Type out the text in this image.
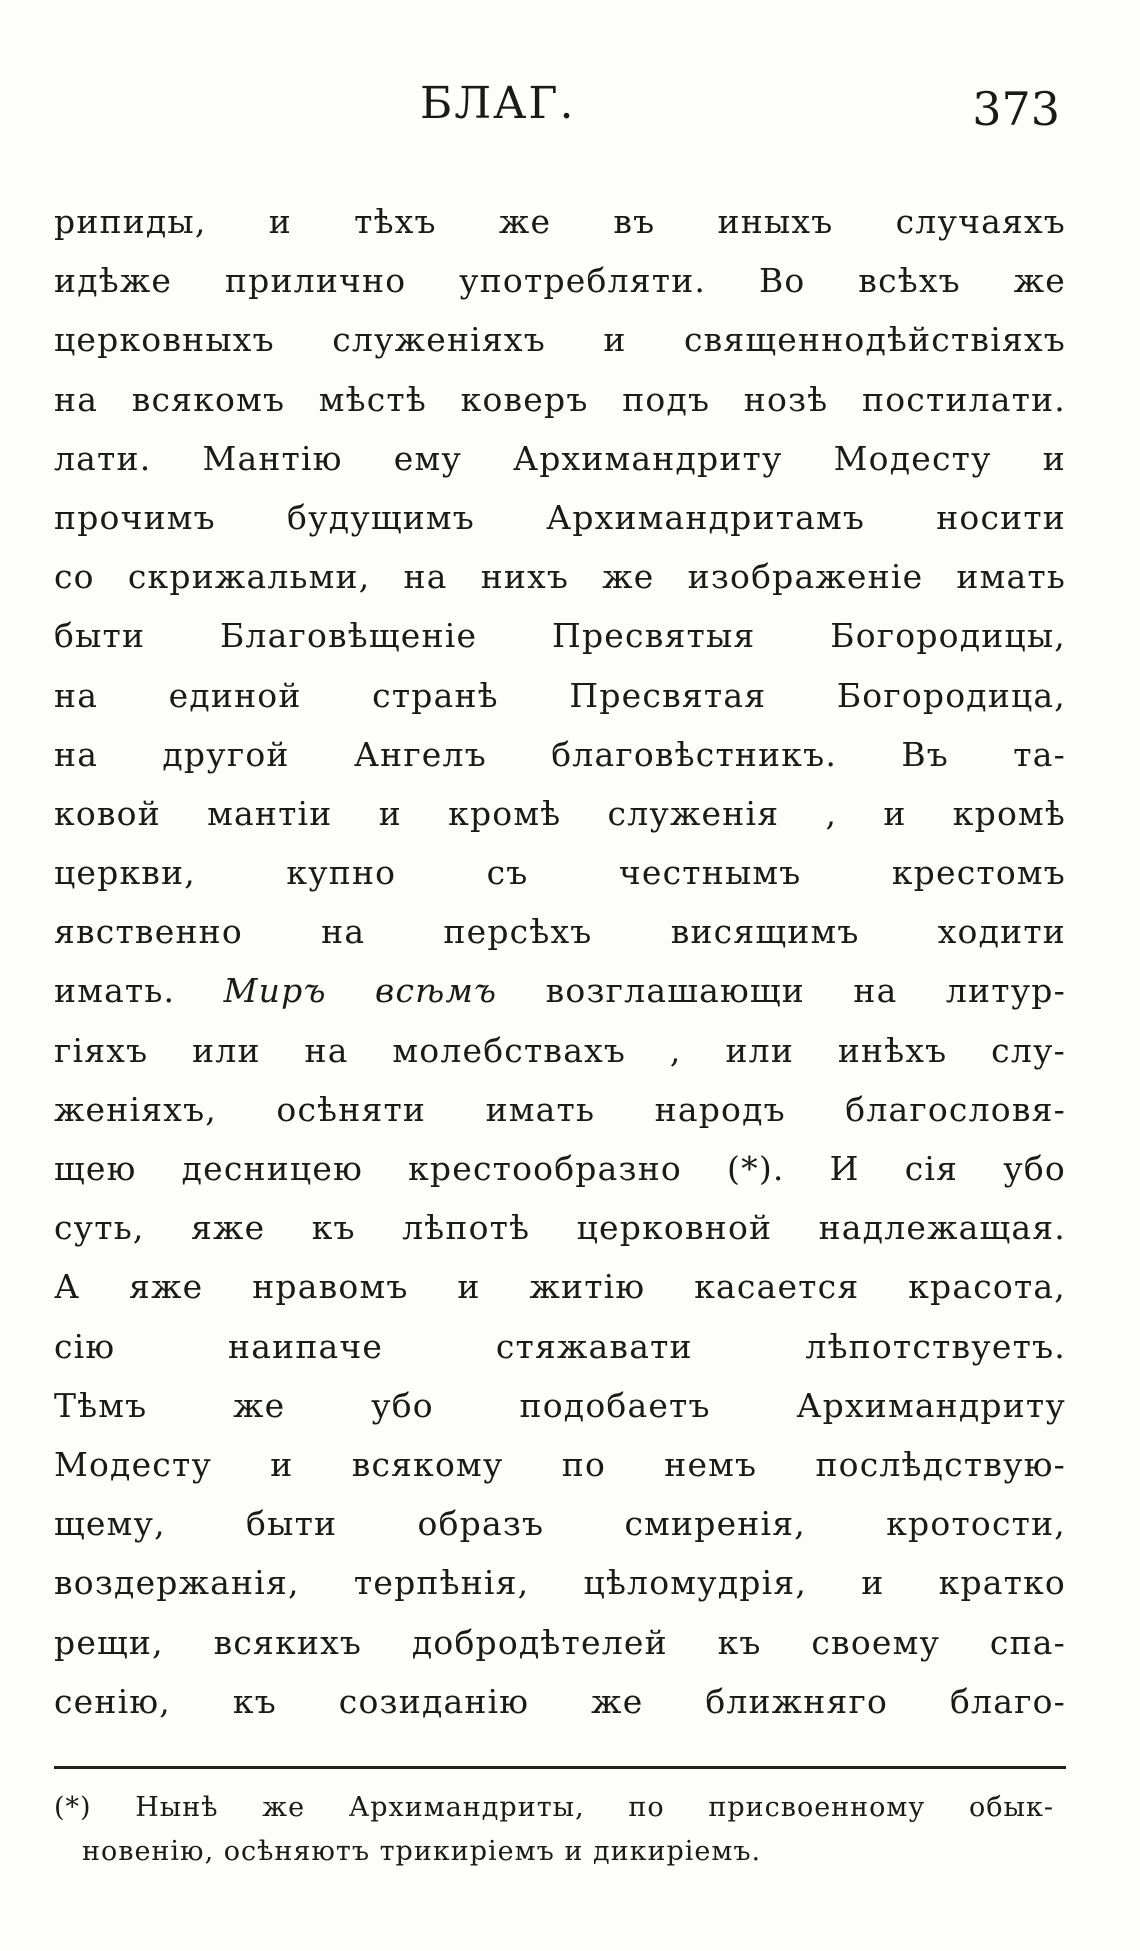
БЛАГ.	373
рипиды, и тѣхъ же въ иныхъ случаяхъ
идѣже прилично употребляти. Во всѣхъ же
церковныхъ служеніяхъ и священнодѣйствіяхъ
на всякомъ мѣстѣ коверъ подъ нозѣ постилати.
лати. Мантію ему Архимандриту Модесту и
прочимъ будущимъ Архимандритамъ носити
со скрижальми, на нихъ же изображеніе имать
быти Благовѣщеніе Пресвятыя Богородицы,
на единой странѣ Пресвятая Богородица,
на другой Ангелъ благовѣстникъ. Въ та-
ковой мантіи и кромѣ служенія , и кромѣ
церкви, купно съ честнымъ крестомъ
явственно на персѣхъ висящимъ ходити
имать. Миръ всѣмъ возглашающи на литур-
гіяхъ или на молебствахъ , или инѣхъ слу-
женіяхъ, осѣняти имать народъ благословя-
щею десницею крестообразно (*). И сія убо
суть, яже къ лѣпотѣ церковной надлежащая.
А яже нравомъ и житію касается красота,
сію наипаче стяжавати лѣпотствуетъ.
Тѣмъ же убо подобаетъ Архимандриту
Модесту и всякому по немъ послѣдствую-
щему, быти образъ смиренія, кротости,
воздержанія, терпѣнія, цѣломудрія, и кратко
рещи, всякихъ добродѣтелей къ своему спа-
сенію, къ созиданію же ближняго благо-
(*) Нынѣ же Архимандриты, по присвоенному обык-
новенію, осѣняютъ трикиріемъ и дикиріемъ.
